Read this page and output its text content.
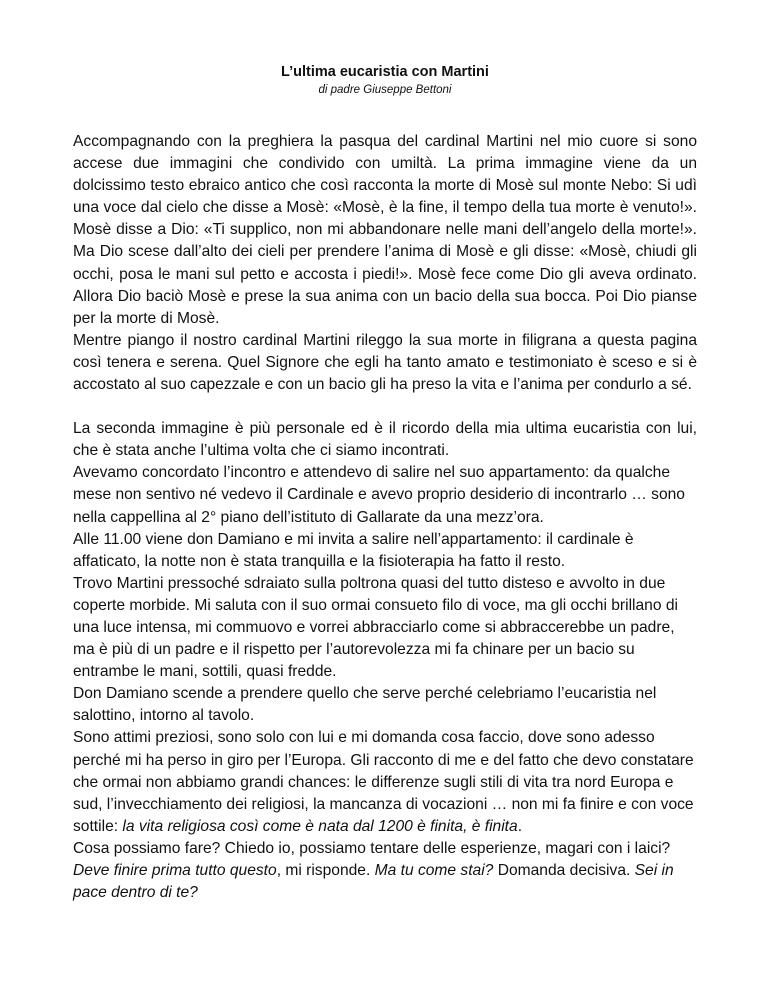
L’ultima eucaristia con Martini

di padre Giuseppe Bettoni

Accompagnando con la preghiera la pasqua del cardinal Martini nel mio cuore si sono accese due immagini che condivido con umiltà. La prima immagine viene da un dolcissimo testo ebraico antico che così racconta la morte di Mosè sul monte Nebo: Si udì una voce dal cielo che disse a Mosè: «Mosè, è la fine, il tempo della tua morte è venuto!». Mosè disse a Dio: «Ti supplico, non mi abbandonare nelle mani dell’angelo della morte!». Ma Dio scese dall’alto dei cieli per prendere l’anima di Mosè e gli disse: «Mosè, chiudi gli occhi, posa le mani sul petto e accosta i piedi!». Mosè fece come Dio gli aveva ordinato. Allora Dio baciò Mosè e prese la sua anima con un bacio della sua bocca. Poi Dio pianse per la morte di Mosè.

Mentre piango il nostro cardinal Martini rileggo la sua morte in filigrana a questa pagina così tenera e serena. Quel Signore che egli ha tanto amato e testimoniato è sceso e si è accostato al suo capezzale e con un bacio gli ha preso la vita e l’anima per condurlo a sé.

La seconda immagine è più personale ed è il ricordo della mia ultima eucaristia con lui, che è stata anche l’ultima volta che ci siamo incontrati.

Avevamo concordato l’incontro e attendevo di salire nel suo appartamento: da qualche mese non sentivo né vedevo il Cardinale e avevo proprio desiderio di incontrarlo … sono nella cappellina al 2° piano dell’istituto di Gallarate da una mezz’ora.

Alle 11.00 viene don Damiano e mi invita a salire nell’appartamento: il cardinale è affaticato, la notte non è stata tranquilla e la fisioterapia ha fatto il resto.

Trovo Martini pressoché sdraiato sulla poltrona quasi del tutto disteso e avvolto in due coperte morbide. Mi saluta con il suo ormai consueto filo di voce, ma gli occhi brillano di una luce intensa, mi commuovo e vorrei abbracciarlo come si abbraccerebbe un padre, ma è più di un padre e il rispetto per l’autorevolezza mi fa chinare per un bacio su entrambe le mani, sottili, quasi fredde.

Don Damiano scende a prendere quello che serve perché celebriamo l’eucaristia nel salottino, intorno al tavolo.

Sono attimi preziosi, sono solo con lui e mi domanda cosa faccio, dove sono adesso perché mi ha perso in giro per l’Europa. Gli racconto di me e del fatto che devo constatare che ormai non abbiamo grandi chances: le differenze sugli stili di vita tra nord Europa e sud, l’invecchiamento dei religiosi, la mancanza di vocazioni … non mi fa finire e con voce sottile: la vita religiosa così come è nata dal 1200 è finita, è finita.

Cosa possiamo fare? Chiedo io, possiamo tentare delle esperienze, magari con i laici?

Deve finire prima tutto questo, mi risponde. Ma tu come stai? Domanda decisiva. Sei in pace dentro di te?
